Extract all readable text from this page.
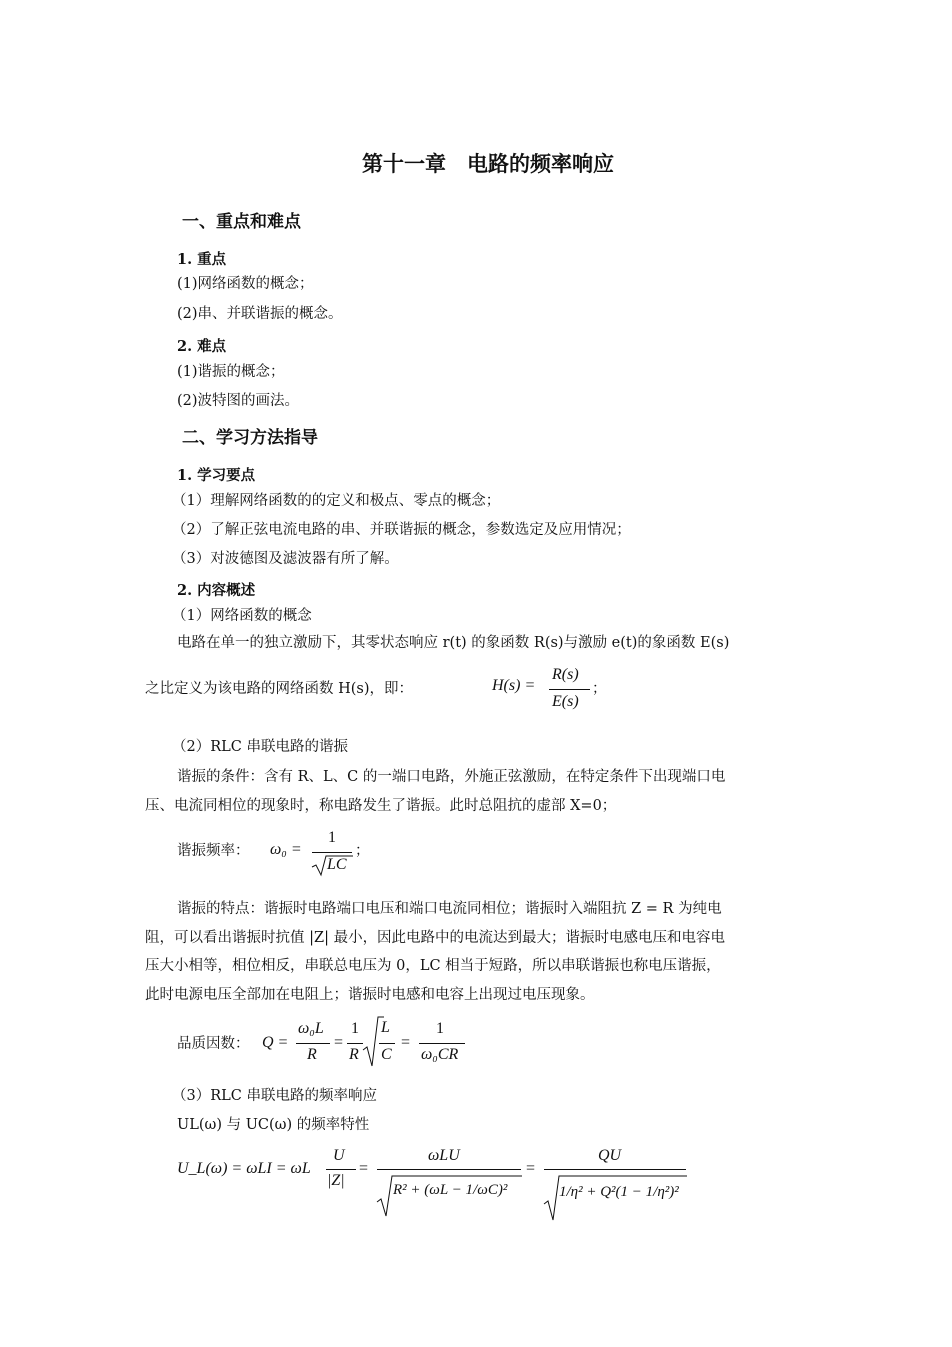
第十一章　电路的频率响应
一、重点和难点
1. 重点
(1)网络函数的概念；
(2)串、并联谐振的概念。
2. 难点
(1)谐振的概念；
(2)波特图的画法。
二、学习方法指导
1. 学习要点
（1）理解网络函数的的定义和极点、零点的概念；
（2）了解正弦电流电路的串、并联谐振的概念，参数选定及应用情况；
（3）对波德图及滤波器有所了解。
2. 内容概述
（1）网络函数的概念
电路在单一的独立激励下，其零状态响应 r(t) 的象函数 R(s)与激励 e(t)的象函数 E(s)
之比定义为该电路的网络函数 H(s)，即：	H(s) =
R(s)
E(s)
；
（2）RLC 串联电路的谐振
谐振的条件：含有 R、L、C 的一端口电路，外施正弦激励，在特定条件下出现端口电
压、电流同相位的现象时，称电路发生了谐振。此时总阻抗的虚部 X=0；
谐振频率： ω₀ =
1
LC
；
谐振的特点：谐振时电路端口电压和端口电流同相位；谐振时入端阻抗 Z = R 为纯电
阻，可以看出谐振时抗值 |Z| 最小，因此电路中的电流达到最大；谐振时电感电压和电容电
压大小相等，相位相反，串联总电压为 0，LC 相当于短路，所以串联谐振也称电压谐振，
此时电源电压全部加在电阻上；谐振时电感和电容上出现过电压现象。
品质因数： Q =
ω₀L
R
=
1
R
L
C
=
1
ω₀CR
（3）RLC 串联电路的频率响应
UL(ω) 与 UC(ω) 的频率特性
U_L(ω) = ωLI = ωL
U
|Z|
=
ωLU
R² + (ωL − 1/ωC)²
=
QU
1/η² + Q²(1 − 1/η²)²
